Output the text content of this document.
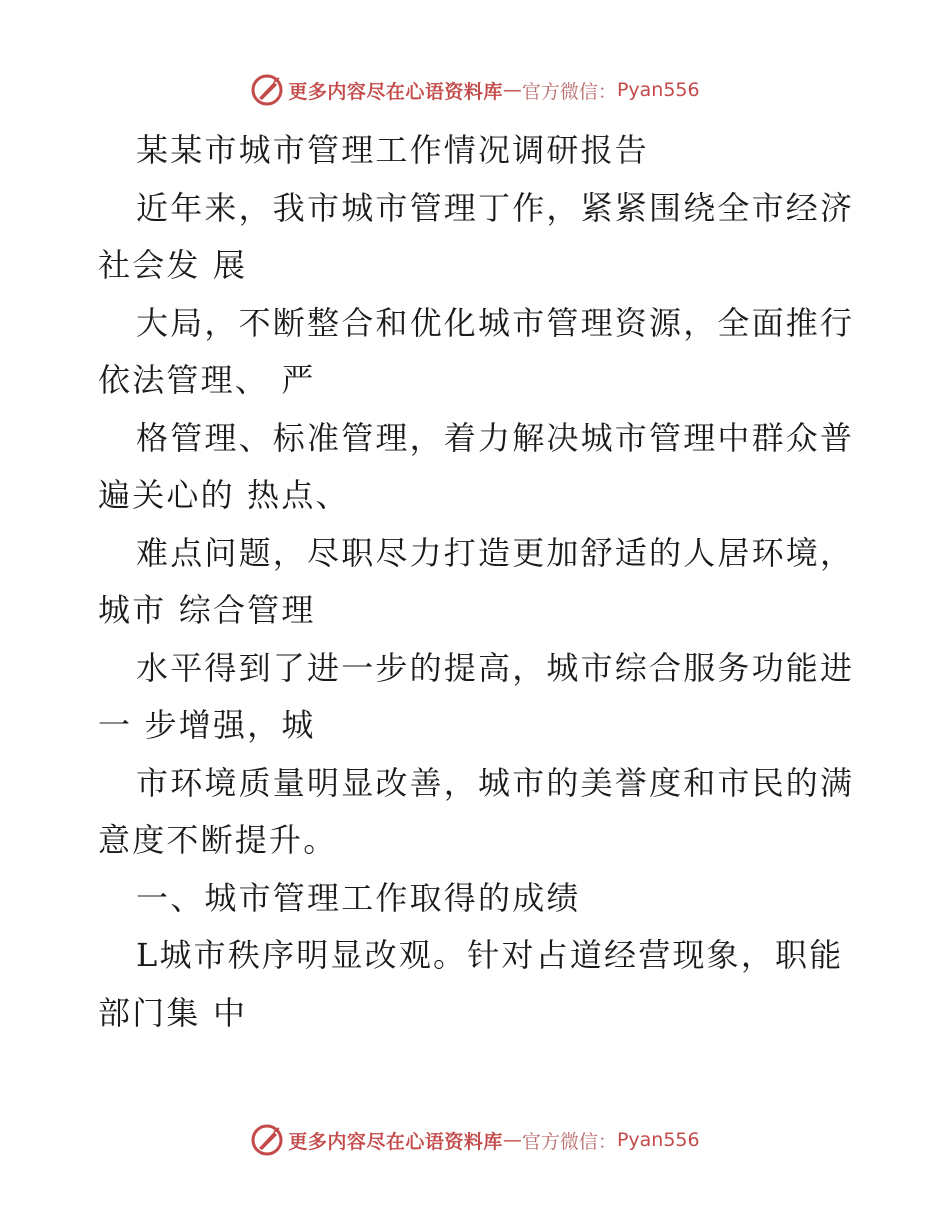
更多内容尽在心语资料库 — 官方微信： Pyan556

某某市城市管理工作情况调研报告

近年来，我市城市管理丁作，紧紧围绕全市经济

社会发 展

大局，不断整合和优化城市管理资源，全面推行

依法管理、 严

格管理、标准管理，着力解决城市管理中群众普

遍关心的 热点、

难点问题，尽职尽力打造更加舒适的人居环境，

城市 综合管理

水平得到了进一步的提高，城市综合服务功能进

一 步增强，城

市环境质量明显改善，城市的美誉度和市民的满

意度不断提升。

一、城市管理工作取得的成绩

L城市秩序明显改观。针对占道经营现象，职能

部门集 中

更多内容尽在心语资料库 — 官方微信： Pyan556
